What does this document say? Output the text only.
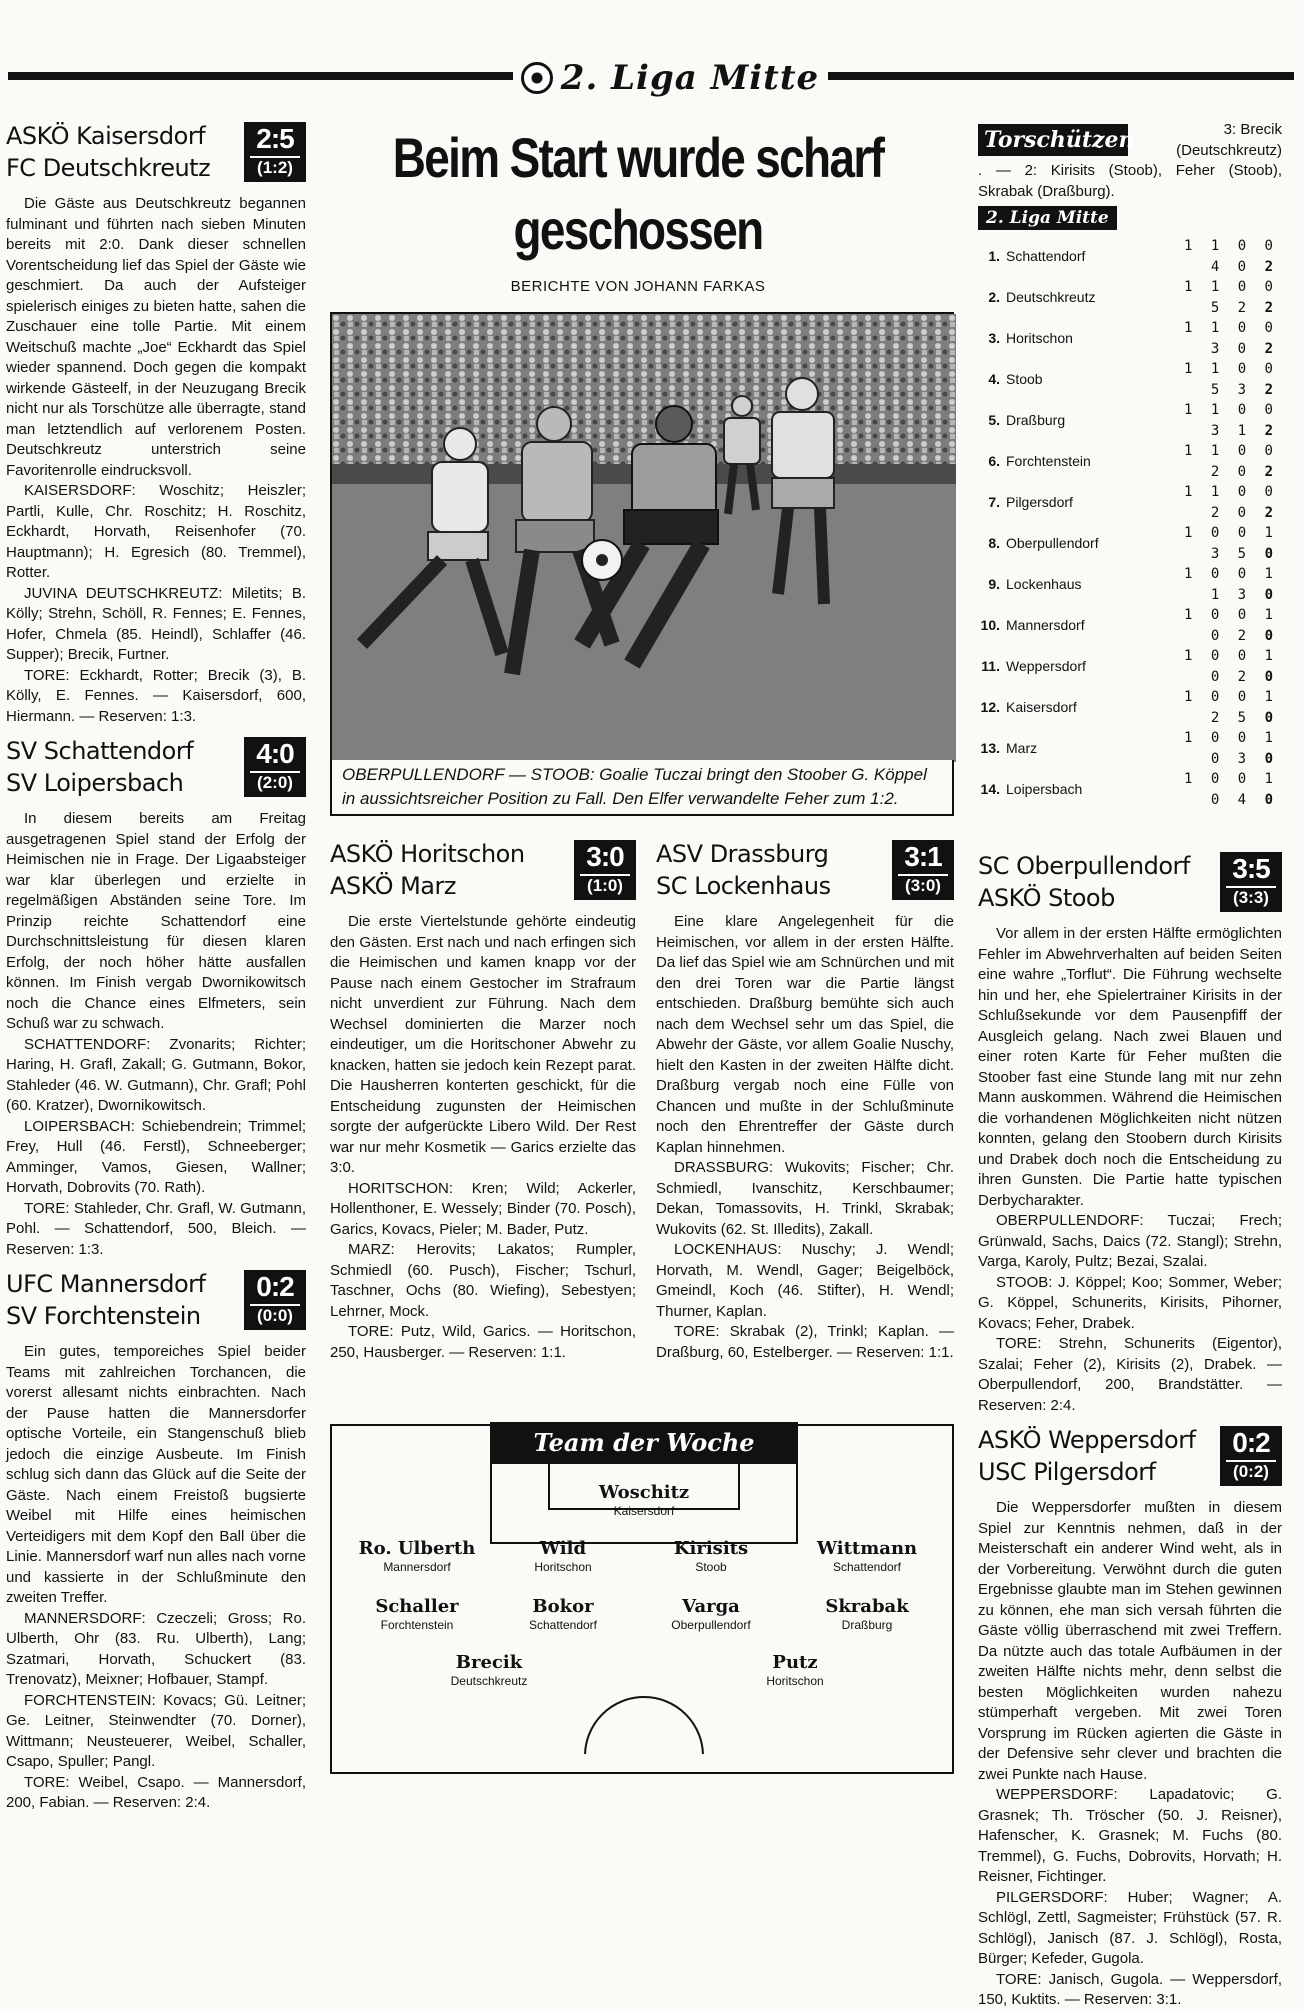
2. Liga Mitte
ASKÖ Kaisersdorf
FC Deutschkreutz
2:5
(1:2)

Die Gäste aus Deutschkreutz begannen fulminant und führten nach sieben Minuten bereits mit 2:0. Dank dieser schnellen Vorentscheidung lief das Spiel der Gäste wie geschmiert. Da auch der Aufsteiger spielerisch einiges zu bieten hatte, sahen die Zuschauer eine tolle Partie. Mit einem Weitschuß machte „Joe“ Eckhardt das Spiel wieder spannend. Doch gegen die kompakt wirkende Gästeelf, in der Neuzugang Brecik nicht nur als Torschütze alle überragte, stand man letztendlich auf verlorenem Posten. Deutschkreutz unterstrich seine Favoritenrolle eindrucksvoll.

KAISERSDORF: Woschitz; Heiszler; Partli, Kulle, Chr. Roschitz; H. Roschitz, Eckhardt, Horvath, Reisenhofer (70. Hauptmann); H. Egresich (80. Tremmel), Rotter.

JUVINA DEUTSCHKREUTZ: Miletits; B. Kölly; Strehn, Schöll, R. Fennes; E. Fennes, Hofer, Chmela (85. Heindl), Schlaffer (46. Supper); Brecik, Furtner.

TORE: Eckhardt, Rotter; Brecik (3), B. Kölly, E. Fennes. — Kaisersdorf, 600, Hiermann. — Reserven: 1:3.

SV Schattendorf
SV Loipersbach
4:0
(2:0)

In diesem bereits am Freitag ausgetragenen Spiel stand der Erfolg der Heimischen nie in Frage. Der Ligaabsteiger war klar überlegen und erzielte in regelmäßigen Abständen seine Tore. Im Prinzip reichte Schattendorf eine Durchschnittsleistung für diesen klaren Erfolg, der noch höher hätte ausfallen können. Im Finish vergab Dwornikowitsch noch die Chance eines Elfmeters, sein Schuß war zu schwach.

SCHATTENDORF: Zvonarits; Richter; Haring, H. Grafl, Zakall; G. Gutmann, Bokor, Stahleder (46. W. Gutmann), Chr. Grafl; Pohl (60. Kratzer), Dwornikowitsch.

LOIPERSBACH: Schiebendrein; Trimmel; Frey, Hull (46. Ferstl), Schneeberger; Amminger, Vamos, Giesen, Wallner; Horvath, Dobrovits (70. Rath).

TORE: Stahleder, Chr. Grafl, W. Gutmann, Pohl. — Schattendorf, 500, Bleich. — Reserven: 1:3.

UFC Mannersdorf
SV Forchtenstein
0:2
(0:0)

Ein gutes, temporeiches Spiel beider Teams mit zahlreichen Torchancen, die vorerst allesamt nichts einbrachten. Nach der Pause hatten die Mannersdorfer optische Vorteile, ein Stangenschuß blieb jedoch die einzige Ausbeute. Im Finish schlug sich dann das Glück auf die Seite der Gäste. Nach einem Freistoß bugsierte Weibel mit Hilfe eines heimischen Verteidigers mit dem Kopf den Ball über die Linie. Mannersdorf warf nun alles nach vorne und kassierte in der Schlußminute den zweiten Treffer.

MANNERSDORF: Czeczeli; Gross; Ro. Ulberth, Ohr (83. Ru. Ulberth), Lang; Szatmari, Horvath, Schuckert (83. Trenovatz), Meixner; Hofbauer, Stampf.

FORCHTENSTEIN: Kovacs; Gü. Leitner; Ge. Leitner, Steinwendter (70. Dorner), Wittmann; Neusteuerer, Weibel, Schaller, Csapo, Spuller; Pangl.

TORE: Weibel, Csapo. — Mannersdorf, 200, Fabian. — Reserven: 2:4.

Beim Start wurde scharf geschossen
BERICHTE VON JOHANN FARKAS
OBERPULLENDORF — STOOB: Goalie Tuczai bringt den Stoober G. Köppel in aussichtsreicher Position zu Fall. Den Elfer verwandelte Feher zum 1:2.
ASKÖ Horitschon
ASKÖ Marz
3:0
(1:0)

Die erste Viertelstunde gehörte eindeutig den Gästen. Erst nach und nach erfingen sich die Heimischen und kamen knapp vor der Pause nach einem Gestocher im Strafraum nicht unverdient zur Führung. Nach dem Wechsel dominierten die Marzer noch eindeutiger, um die Horitschoner Abwehr zu knacken, hatten sie jedoch kein Rezept parat. Die Hausherren konterten geschickt, für die Entscheidung zugunsten der Heimischen sorgte der aufgerückte Libero Wild. Der Rest war nur mehr Kosmetik — Garics erzielte das 3:0.

HORITSCHON: Kren; Wild; Ackerler, Hollenthoner, E. Wessely; Binder (70. Posch), Garics, Kovacs, Pieler; M. Bader, Putz.

MARZ: Herovits; Lakatos; Rumpler, Schmiedl (60. Pusch), Fischer; Tschurl, Taschner, Ochs (80. Wiefing), Sebestyen; Lehrner, Mock.

TORE: Putz, Wild, Garics. — Horitschon, 250, Hausberger. — Reserven: 1:1.

ASV Drassburg
SC Lockenhaus
3:1
(3:0)

Eine klare Angelegenheit für die Heimischen, vor allem in der ersten Hälfte. Da lief das Spiel wie am Schnürchen und mit den drei Toren war die Partie längst entschieden. Draßburg bemühte sich auch nach dem Wechsel sehr um das Spiel, die Abwehr der Gäste, vor allem Goalie Nuschy, hielt den Kasten in der zweiten Hälfte dicht. Draßburg vergab noch eine Fülle von Chancen und mußte in der Schlußminute noch den Ehrentreffer der Gäste durch Kaplan hinnehmen.

DRASSBURG: Wukovits; Fischer; Chr. Schmiedl, Ivanschitz, Kerschbaumer; Dekan, Tomassovits, H. Trinkl, Skrabak; Wukovits (62. St. Illedits), Zakall.

LOCKENHAUS: Nuschy; J. Wendl; Horvath, M. Wendl, Gager; Beigelböck, Gmeindl, Koch (46. Stifter), H. Wendl; Thurner, Kaplan.

TORE: Skrabak (2), Trinkl; Kaplan. — Draßburg, 60, Estelberger. — Reserven: 1:1.

Team der Woche
Woschitz
Kaisersdorf
Ro. Ulberth
Mannersdorf
Wild
Horitschon
Kirisits
Stoob
Wittmann
Schattendorf
Schaller
Forchtenstein
Bokor
Schattendorf
Varga
Oberpullendorf
Skrabak
Draßburg
Brecik
Deutschkreutz
Putz
Horitschon
Torschützen	3: Brecik (Deutschkreutz)
. — 2: Kirisits (Stoob), Feher (Stoob), Skrabak (Draßburg).
2. Liga Mitte
1.	Schattendorf	1 1 0 0 4 0 2
2.	Deutschkreutz	1 1 0 0 5 2 2
3.	Horitschon	1 1 0 0 3 0 2
4.	Stoob	1 1 0 0 5 3 2
5.	Draßburg	1 1 0 0 3 1 2
6.	Forchtenstein	1 1 0 0 2 0 2
7.	Pilgersdorf	1 1 0 0 2 0 2
8.	Oberpullendorf	1 0 0 1 3 5 0
9.	Lockenhaus	1 0 0 1 1 3 0
10.	Mannersdorf	1 0 0 1 0 2 0
11.	Weppersdorf	1 0 0 1 0 2 0
12.	Kaisersdorf	1 0 0 1 2 5 0
13.	Marz	1 0 0 1 0 3 0
14.	Loipersbach	1 0 0 1 0 4 0
SC Oberpullendorf
ASKÖ Stoob
3:5
(3:3)

Vor allem in der ersten Hälfte ermöglichten Fehler im Abwehrverhalten auf beiden Seiten eine wahre „Torflut“. Die Führung wechselte hin und her, ehe Spielertrainer Kirisits in der Schlußsekunde vor dem Pausenpfiff der Ausgleich gelang. Nach zwei Blauen und einer roten Karte für Feher mußten die Stoober fast eine Stunde lang mit nur zehn Mann auskommen. Während die Heimischen die vorhandenen Möglichkeiten nicht nützen konnten, gelang den Stoobern durch Kirisits und Drabek doch noch die Entscheidung zu ihren Gunsten. Die Partie hatte typischen Derbycharakter.

OBERPULLENDORF: Tuczai; Frech; Grünwald, Sachs, Daics (72. Stangl); Strehn, Varga, Karoly, Pultz; Bezai, Szalai.

STOOB: J. Köppel; Koo; Sommer, Weber; G. Köppel, Schunerits, Kirisits, Pihorner, Kovacs; Feher, Drabek.

TORE: Strehn, Schunerits (Eigentor), Szalai; Feher (2), Kirisits (2), Drabek. — Oberpullendorf, 200, Brandstätter. — Reserven: 2:4.

ASKÖ Weppersdorf
USC Pilgersdorf
0:2
(0:2)

Die Weppersdorfer mußten in diesem Spiel zur Kenntnis nehmen, daß in der Meisterschaft ein anderer Wind weht, als in der Vorbereitung. Verwöhnt durch die guten Ergebnisse glaubte man im Stehen gewinnen zu können, ehe man sich versah führten die Gäste völlig überraschend mit zwei Treffern. Da nützte auch das totale Aufbäumen in der zweiten Hälfte nichts mehr, denn selbst die besten Möglichkeiten wurden nahezu stümperhaft vergeben. Mit zwei Toren Vorsprung im Rücken agierten die Gäste in der Defensive sehr clever und brachten die zwei Punkte nach Hause.

WEPPERSDORF: Lapadatovic; G. Grasnek; Th. Tröscher (50. J. Reisner), Hafenscher, K. Grasnek; M. Fuchs (80. Tremmel), G. Fuchs, Dobrovits, Horvath; H. Reisner, Fichtinger.

PILGERSDORF: Huber; Wagner; A. Schlögl, Zettl, Sagmeister; Frühstück (57. R. Schlögl), Janisch (87. J. Schlögl), Rosta, Bürger; Kefeder, Gugola.

TORE: Janisch, Gugola. — Weppersdorf, 150, Kuktits. — Reserven: 3:1.
